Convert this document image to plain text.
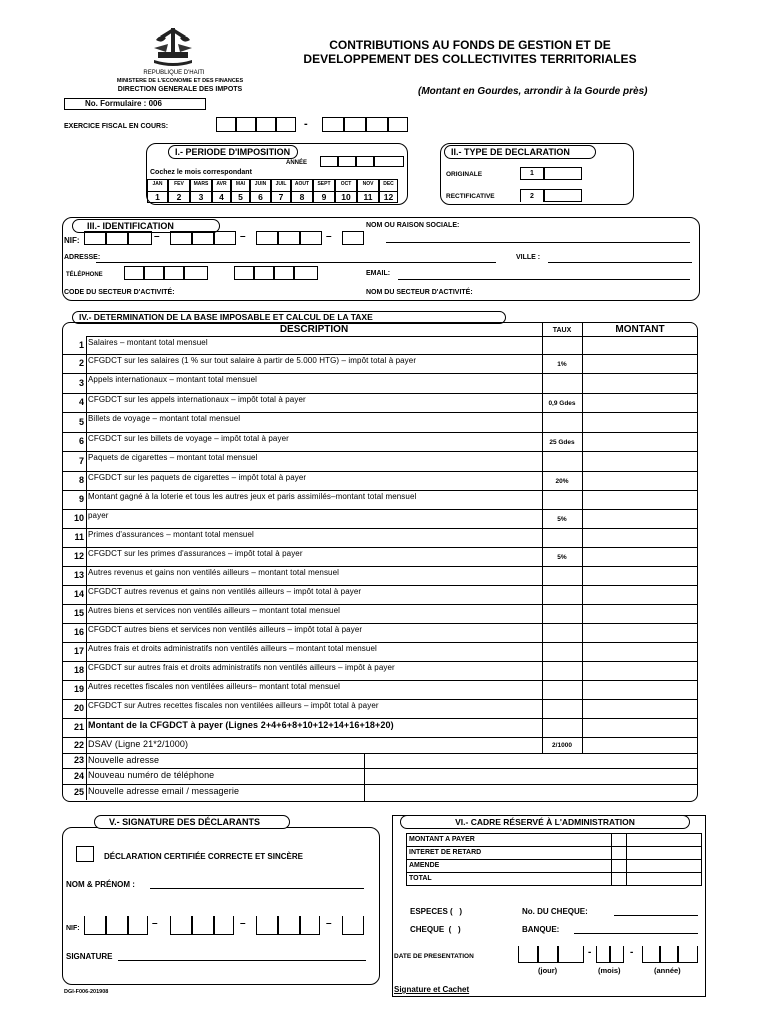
REPUBLIQUE D'HAITI
MINISTERE DE L'ECONOMIE ET DES FINANCES
DIRECTION GENERALE DES IMPOTS
No. Formulaire : 006
CONTRIBUTIONS AU FONDS DE GESTION ET DE
DEVELOPPEMENT DES COLLECTIVITES TERRITORIALES
(Montant en Gourdes, arrondir à la Gourde près)
EXERCICE FISCAL EN COURS:	-
I.- PERIODE D'IMPOSITION
ANNÉE
Cochez le mois correspondant
JAN
1
FEV
2
MARS
3
AVR
4
MAI
5
JUIN
6
JUIL
7
AOUT
8
SEPT
9
OCT
10
NOV
11
DEC
12
II.- TYPE DE DECLARATION
ORIGINALE	1
RECTIFICATIVE	2
III.- IDENTIFICATION
NIF:	–	–	–
NOM OU RAISON SOCIALE:
ADRESSE:	VILLE :
TÉLÉPHONE	EMAIL:
CODE DU SECTEUR D'ACTIVITÉ:	NOM DU SECTEUR D'ACTIVITÉ:
IV.- DETERMINATION DE LA BASE IMPOSABLE ET CALCUL DE LA TAXE
DESCRIPTION	TAUX	MONTANT
1 Salaires – montant total mensuel
2 CFGDCT sur les salaires (1 % sur tout salaire à partir de 5.000 HTG) – impôt total à payer	1%
3 Appels internationaux – montant total mensuel
4 CFGDCT sur les appels internationaux – impôt total à payer	0,9 Gdes
5 Billets de voyage – montant total mensuel
6 CFGDCT sur les billets de voyage – impôt total à payer	25 Gdes
7 Paquets de cigarettes – montant total mensuel
8 CFGDCT sur les paquets de cigarettes – impôt total à payer	20%
9 Montant gagné à la loterie et tous les autres jeux et paris assimilés–montant total mensuel
10 payer	5%
11 Primes d'assurances – montant total mensuel
12 CFGDCT sur les primes d'assurances – impôt total à payer	5%
13 Autres revenus et gains non ventilés ailleurs – montant total mensuel
14 CFGDCT autres revenus et gains non ventilés ailleurs – impôt total à payer
15 Autres biens et services non ventilés ailleurs – montant total mensuel
16 CFGDCT autres biens et services non ventilés ailleurs – impôt total à payer
17 Autres frais et droits administratifs non ventilés ailleurs – montant total mensuel
18 CFGDCT sur autres frais et droits administratifs non ventilés ailleurs – impôt à payer
19 Autres recettes fiscales non ventilées ailleurs– montant total mensuel
20 CFGDCT sur Autres recettes fiscales non ventilées ailleurs – impôt total à payer
21 Montant de la CFGDCT à payer (Lignes 2+4+6+8+10+12+14+16+18+20)
22 DSAV (Ligne 21*2/1000)	2/1000
23 Nouvelle adresse
24 Nouveau numéro de téléphone
25 Nouvelle adresse email / messagerie
V.- SIGNATURE DES DÉCLARANTS
DÉCLARATION CERTIFIÉE CORRECTE ET SINCÈRE
NOM & PRÉNOM :
NIF:	–	–	–
SIGNATURE
DGI-F006-201908
VI.- CADRE RÉSERVÉ À L'ADMINISTRATION
MONTANT A PAYER
INTERET DE RETARD
AMENDE
TOTAL
ESPECES (   )
CHEQUE  (   )
No. DU CHEQUE:
BANQUE:
DATE DE PRESENTATION	-	-
(jour)	(mois)	(année)
Signature et Cachet
